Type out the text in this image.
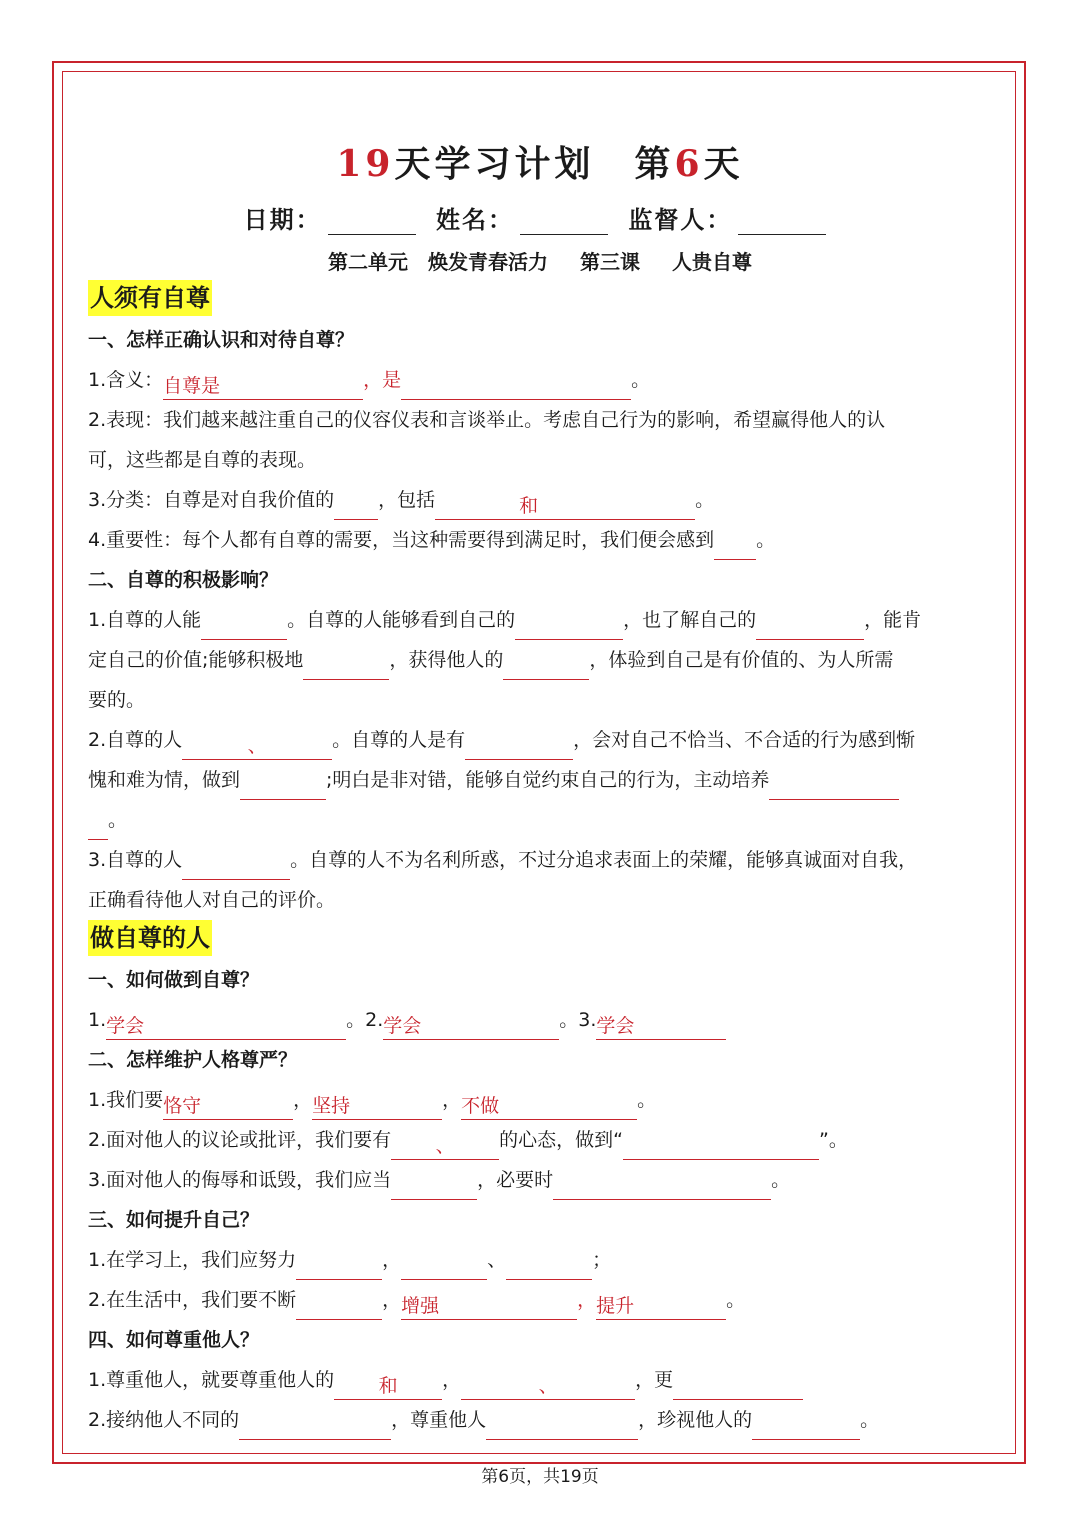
19天学习计划　 第6天
日期：	姓名：	监督人：
第二单元　焕发青春活力 第三课 人贵自尊
人须有自尊
一、怎样正确认识和对待自尊？
1.含义：自尊是	，是	。
2.表现：我们越来越注重自己的仪容仪表和言谈举止。考虑自己行为的影响，希望赢得他人的认
可，这些都是自尊的表现。
3.分类：自尊是对自我价值的 ，包括	和	。
4.重要性：每个人都有自尊的需要，当这种需要得到满足时，我们便会感到 。
二、自尊的积极影响？
1.自尊的人能	。自尊的人能够看到自己的	，也了解自己的	，能肯
定自己的价值;能够积极地	，获得他人的	，体验到自己是有价值的、为人所需
要的。
2.自尊的人	、	。自尊的人是有	，会对自己不恰当、不合适的行为感到惭
愧和难为情，做到	;明白是非对错，能够自觉约束自己的行为，主动培养
。
3.自尊的人	。自尊的人不为名利所惑，不过分追求表面上的荣耀，能够真诚面对自我，
正确看待他人对自己的评价。
做自尊的人
一、如何做到自尊？
1.学会	。2.学会	。3.学会
二、怎样维护人格尊严？
1.我们要恪守	，坚持	，不做	。
2.面对他人的议论或批评，我们要有 、 的心态，做到“	”。
3.面对他人的侮辱和诋毁，我们应当	，必要时	。
三、如何提升自己？
1.在学习上，我们应努力	，	、	；
2.在生活中，我们要不断	，增强	，提升	。
四、如何尊重他人？
1.尊重他人，就要尊重他人的 和 ，	、	，更
2.接纳他人不同的	，尊重他人	，珍视他人的	。
第6页，共19页
